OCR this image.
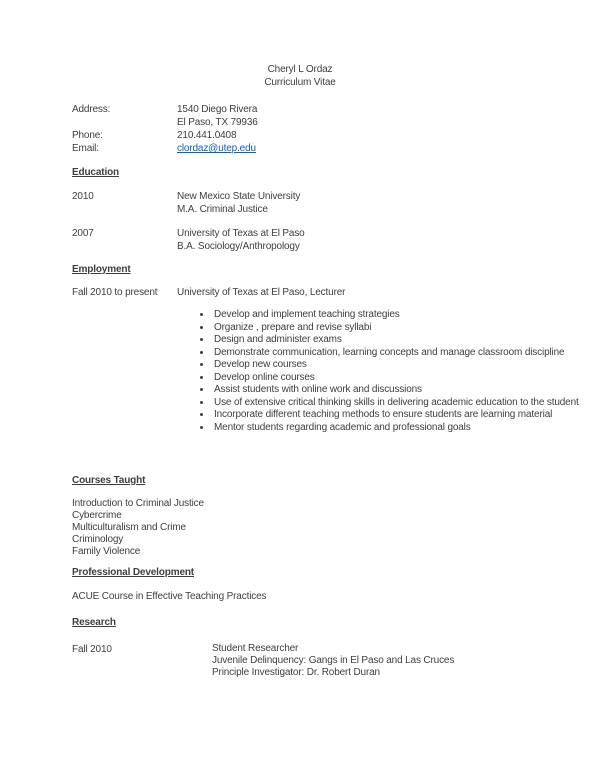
Cheryl L Ordaz
Curriculum Vitae
Address:	1540 Diego Rivera
El Paso, TX 79936
Phone:	210.441.0408
Email:	clordaz@utep.edu
Education
2010	New Mexico State University
M.A. Criminal Justice
2007	University of Texas at El Paso
B.A. Sociology/Anthropology
Employment
Fall 2010 to present	University of Texas at El Paso, Lecturer
• Develop and implement teaching strategies
• Organize , prepare and revise syllabi
• Design and administer exams
• Demonstrate communication, learning concepts and manage classroom discipline
• Develop new courses
• Develop online courses
• Assist students with online work and discussions
• Use of extensive critical thinking skills in delivering academic education to the student
• Incorporate different teaching methods to ensure students are learning material
• Mentor students regarding academic and professional goals
Courses Taught
Introduction to Criminal Justice
Cybercrime
Multiculturalism and Crime
Criminology
Family Violence
Professional Development
ACUE Course in Effective Teaching Practices
Research
Fall 2010	Student Researcher
Juvenile Delinquency: Gangs in El Paso and Las Cruces
Principle Investigator: Dr. Robert Duran
